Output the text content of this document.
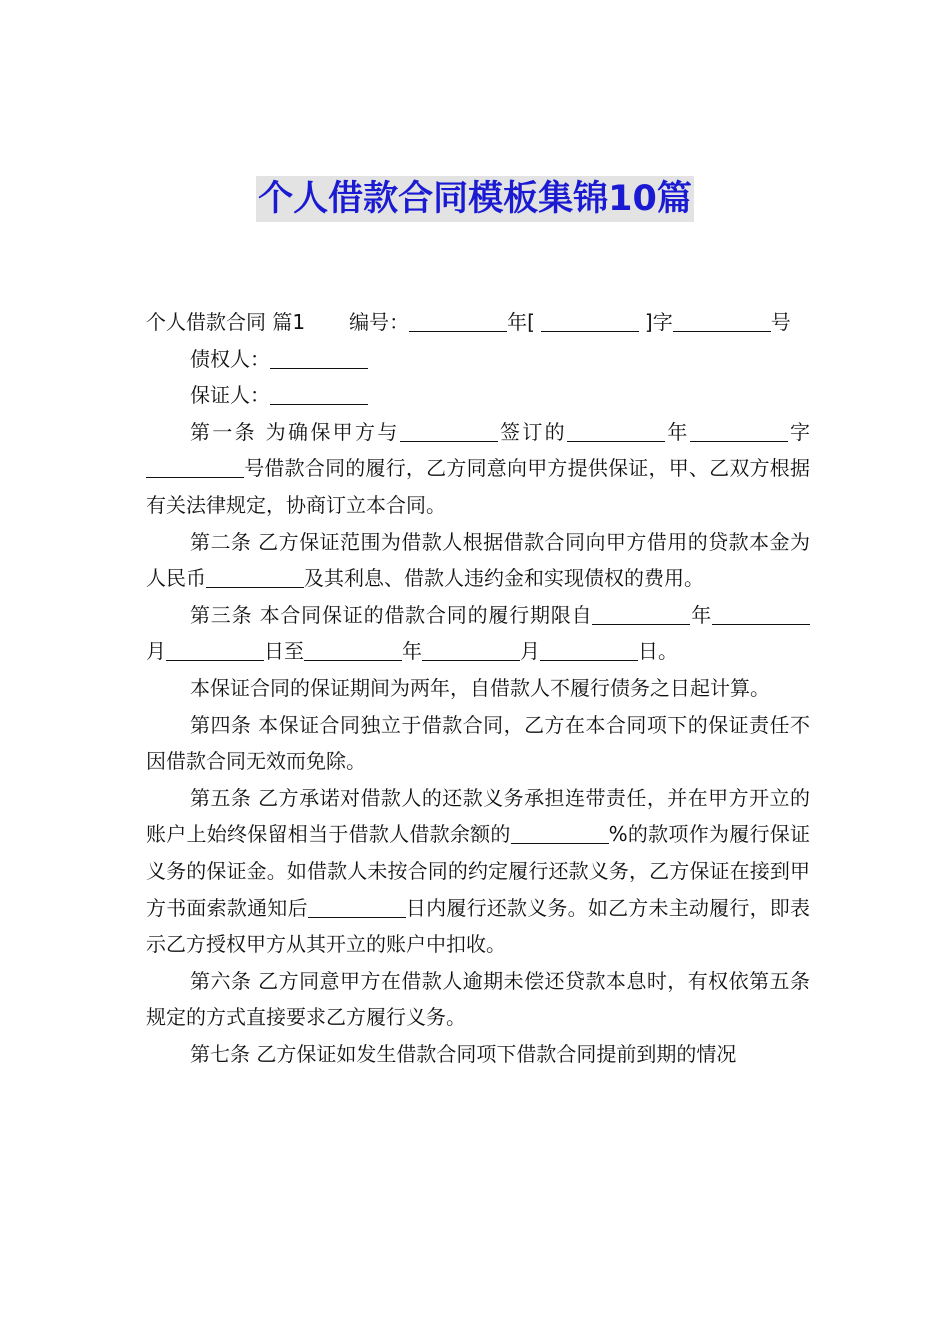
个人借款合同模板集锦10篇

个人借款合同 篇1 编号：	年[	]字	号

债权人：

保证人：

第一条 为确保甲方与	签订的	年	字号借款合同的履行，乙方同意向甲方提供保证，甲、乙双方根据有关法律规定，协商订立本合同。

第二条 乙方保证范围为借款人根据借款合同向甲方借用的贷款本金为人民币	及其利息、借款人违约金和实现债权的费用。

第三条 本合同保证的借款合同的履行期限自	年月	日至	年	月	日。

本保证合同的保证期间为两年，自借款人不履行债务之日起计算。

第四条 本保证合同独立于借款合同，乙方在本合同项下的保证责任不因借款合同无效而免除。

第五条 乙方承诺对借款人的还款义务承担连带责任，并在甲方开立的账户上始终保留相当于借款人借款余额的	%的款项作为履行保证义务的保证金。如借款人未按合同的约定履行还款义务，乙方保证在接到甲方书面索款通知后	日内履行还款义务。如乙方未主动履行，即表示乙方授权甲方从其开立的账户中扣收。

第六条 乙方同意甲方在借款人逾期未偿还贷款本息时，有权依第五条规定的方式直接要求乙方履行义务。

第七条 乙方保证如发生借款合同项下借款合同提前到期的情况
